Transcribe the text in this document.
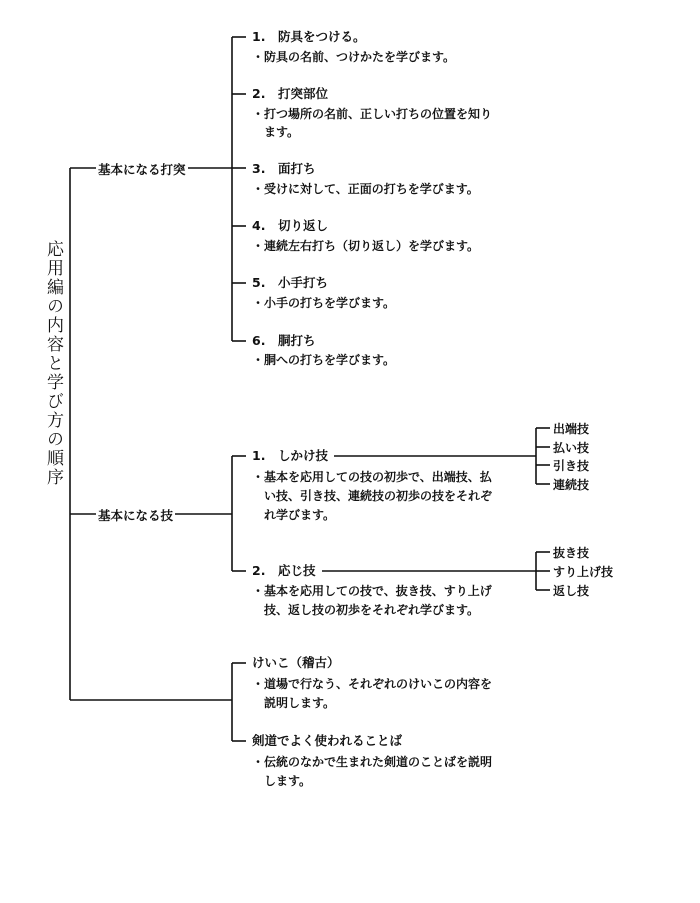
応用編の内容と学び方の順序
基本になる打突
基本になる技
1.　防具をつける。
・防具の名前、つけかたを学びます。
2.　打突部位
・打つ場所の名前、正しい打ちの位置を知り
　ます。
3.　面打ち
・受けに対して、正面の打ちを学びます。
4.　切り返し
・連続左右打ち（切り返し）を学びます。
5.　小手打ち
・小手の打ちを学びます。
6.　胴打ち
・胴への打ちを学びます。
1.　しかけ技
・基本を応用しての技の初歩で、出端技、払
　い技、引き技、連続技の初歩の技をそれぞ
　れ学びます。
2.　応じ技
・基本を応用しての技で、抜き技、すり上げ
　技、返し技の初歩をそれぞれ学びます。
出端技
払い技
引き技
連続技
抜き技
すり上げ技
返し技
けいこ（稽古）
・道場で行なう、それぞれのけいこの内容を
　説明します。
剣道でよく使われることば
・伝統のなかで生まれた剣道のことばを説明
　します。
